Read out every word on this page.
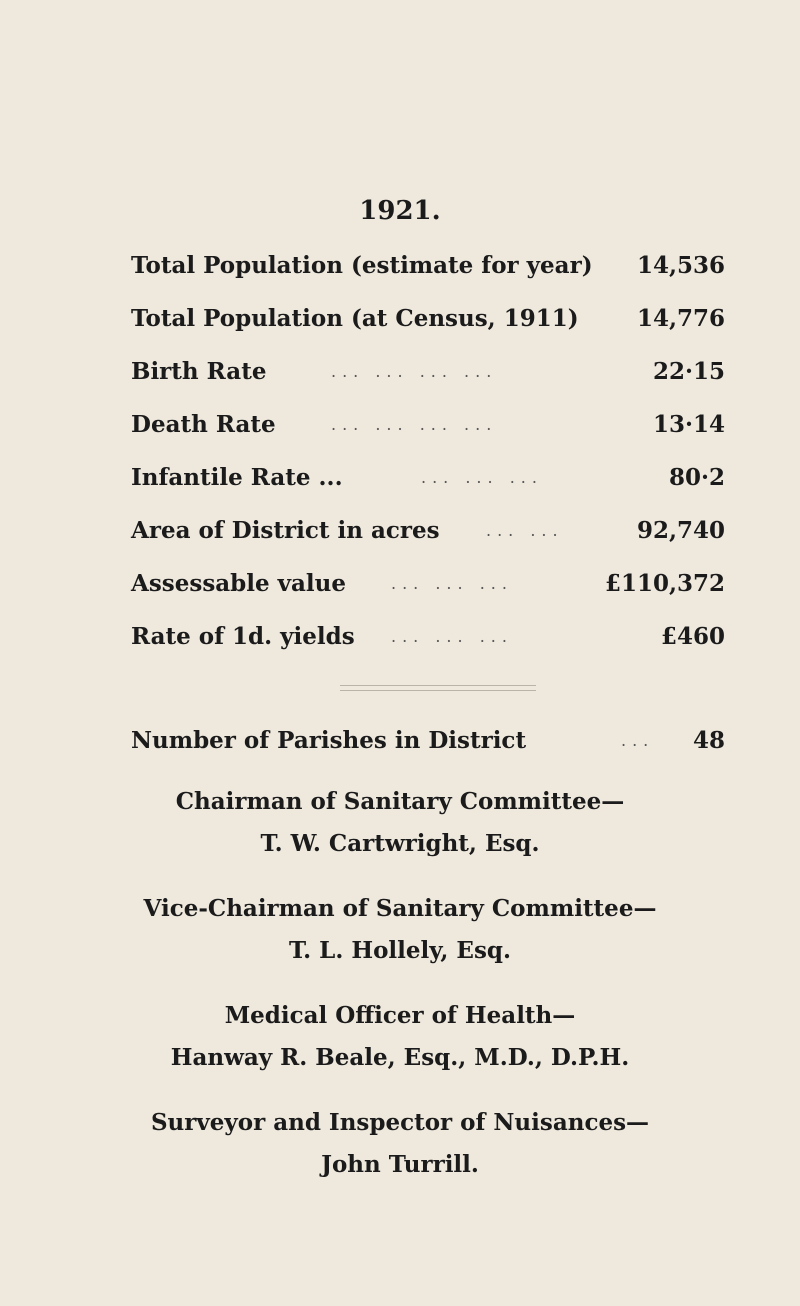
1921.
Total Population (estimate for year) 14,536
Total Population (at Census, 1911)	14,776
Birth Rate	... ... ... ...	22·15
Death Rate	... ... ... ...	13·14
Infantile Rate ...	... ... ...	80·2
Area of District in acres	... ...	92,740
Assessable value	... ... ...	£110,372
Rate of 1d. yields ... ... ...	£460
Number of Parishes in District	... 48
Chairman of Sanitary Committee—
T. W. Cartwright, Esq.
Vice-Chairman of Sanitary Committee—
T. L. Hollely, Esq.
Medical Officer of Health—
Hanway R. Beale, Esq., M.D., D.P.H.
Surveyor and Inspector of Nuisances—
John Turrill.
